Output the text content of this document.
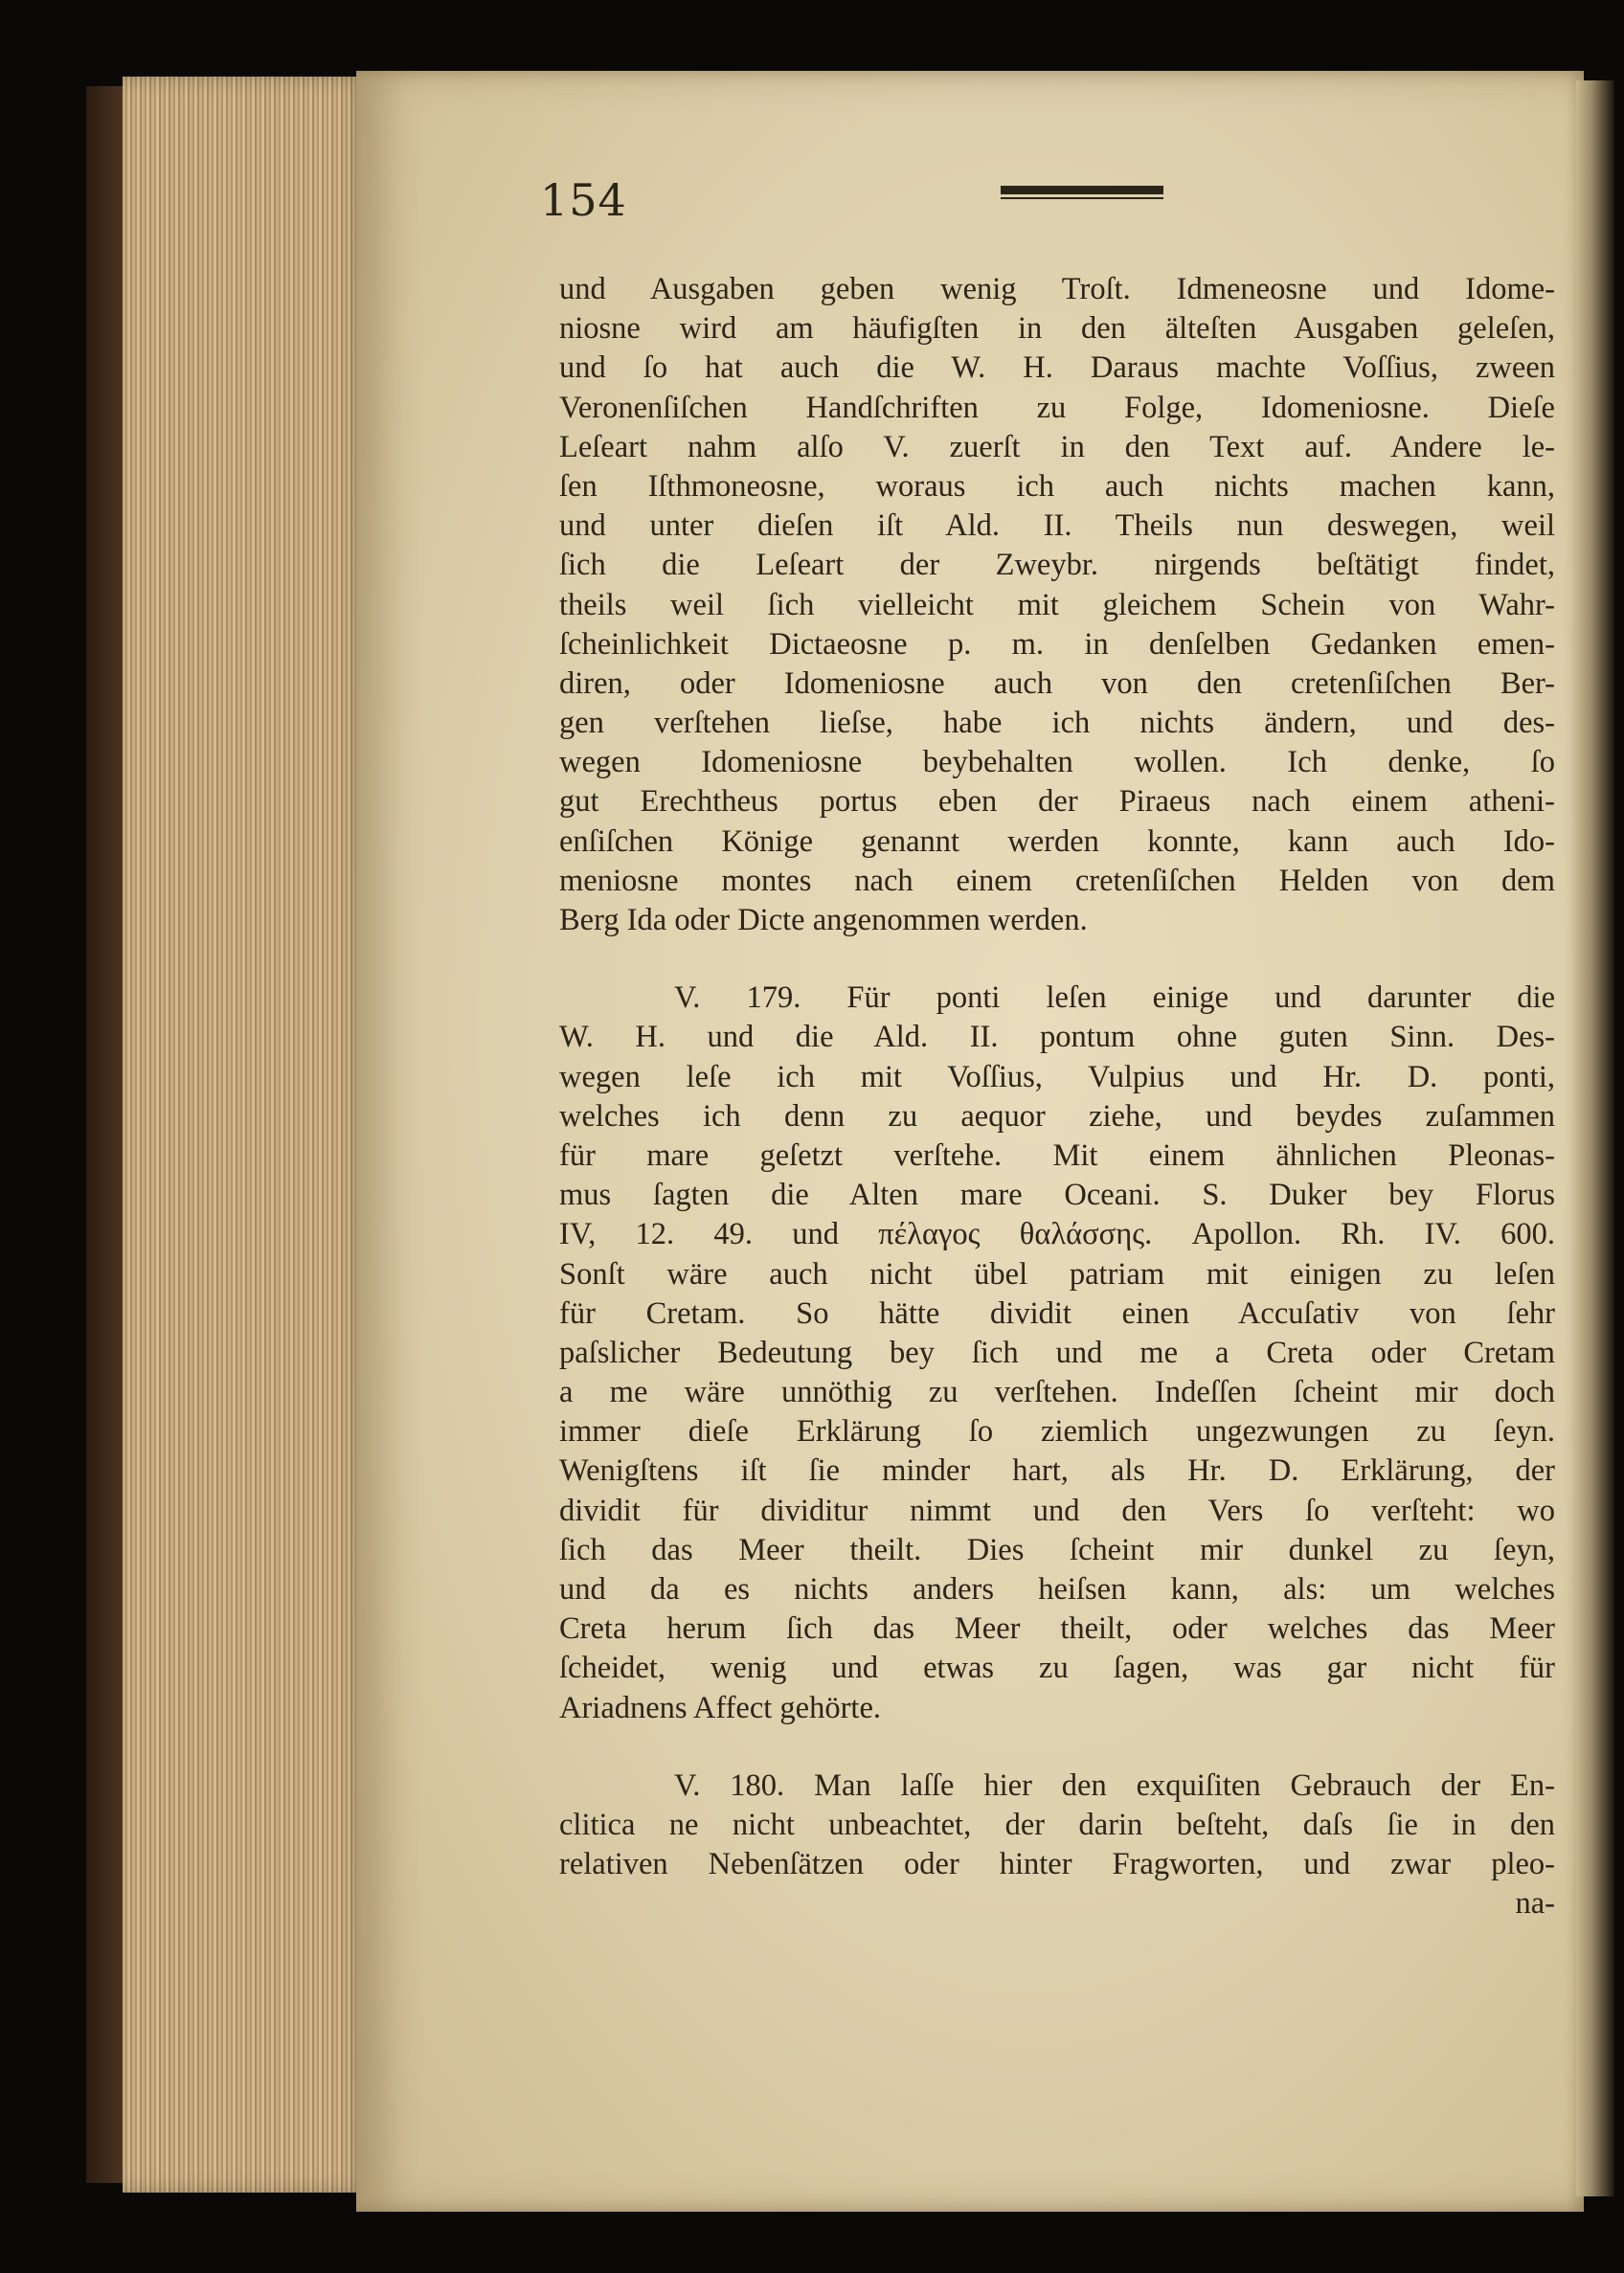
154
und Ausgaben geben wenig Troſt. Idmeneosne und Idome-
niosne wird am häufigſten in den älteſten Ausgaben geleſen,
und ſo hat auch die W. H. Daraus machte Voſſius, zween
Veronenſiſchen Handſchriften zu Folge, Idomeniosne. Dieſe
Leſeart nahm alſo V. zuerſt in den Text auf. Andere le-
ſen Iſthmoneosne, woraus ich auch nichts machen kann,
und unter dieſen iſt Ald. II. Theils nun deswegen, weil
ſich die Leſeart der Zweybr. nirgends beſtätigt findet,
theils weil ſich vielleicht mit gleichem Schein von Wahr-
ſcheinlichkeit Dictaeosne p. m. in denſelben Gedanken emen-
diren, oder Idomeniosne auch von den cretenſiſchen Ber-
gen verſtehen lieſse, habe ich nichts ändern, und des-
wegen Idomeniosne beybehalten wollen. Ich denke, ſo
gut Erechtheus portus eben der Piraeus nach einem atheni-
enſiſchen Könige genannt werden konnte, kann auch Ido-
meniosne montes nach einem cretenſiſchen Helden von dem
Berg Ida oder Dicte angenommen werden.
V. 179. Für ponti leſen einige und darunter die
W. H. und die Ald. II. pontum ohne guten Sinn. Des-
wegen leſe ich mit Voſſius, Vulpius und Hr. D. ponti,
welches ich denn zu aequor ziehe, und beydes zuſammen
für mare geſetzt verſtehe. Mit einem ähnlichen Pleonas-
mus ſagten die Alten mare Oceani. S. Duker bey Florus
IV, 12. 49. und πέλαγος θαλάσσης. Apollon. Rh. IV. 600.
Sonſt wäre auch nicht übel patriam mit einigen zu leſen
für Cretam. So hätte dividit einen Accuſativ von ſehr
paſslicher Bedeutung bey ſich und me a Creta oder Cretam
a me wäre unnöthig zu verſtehen. Indeſſen ſcheint mir doch
immer dieſe Erklärung ſo ziemlich ungezwungen zu ſeyn.
Wenigſtens iſt ſie minder hart, als Hr. D. Erklärung, der
dividit für dividitur nimmt und den Vers ſo verſteht: wo
ſich das Meer theilt. Dies ſcheint mir dunkel zu ſeyn,
und da es nichts anders heiſsen kann, als: um welches
Creta herum ſich das Meer theilt, oder welches das Meer
ſcheidet, wenig und etwas zu ſagen, was gar nicht für
Ariadnens Affect gehörte.
V. 180. Man laſſe hier den exquiſiten Gebrauch der En-
clitica ne nicht unbeachtet, der darin beſteht, daſs ſie in den
relativen Nebenſätzen oder hinter Fragworten, und zwar pleo-
na-
